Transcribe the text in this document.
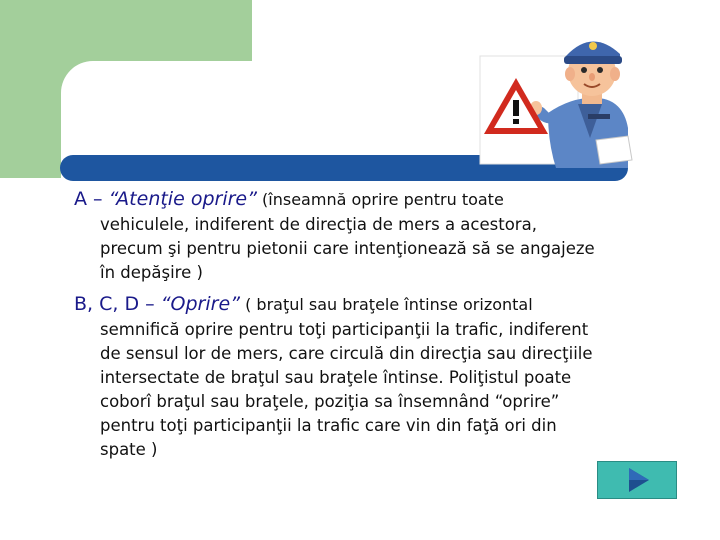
A – “Atenţie oprire” (înseamnă oprire pentru toate

vehiculele, indiferent de direcţia de mers a acestora,

precum şi pentru pietonii care intenţionează să se angajeze

în depăşire )

B, C, D – “Oprire” ( braţul sau braţele întinse orizontal

semnifică oprire pentru toţi participanţii la trafic, indiferent

de sensul lor de mers, care circulă din direcţia sau direcţiile

intersectate de braţul sau braţele întinse. Poliţistul poate

coborî braţul sau braţele, poziţia sa însemnând “oprire”

pentru toţi participanţii la trafic care vin din faţă ori din

spate )
